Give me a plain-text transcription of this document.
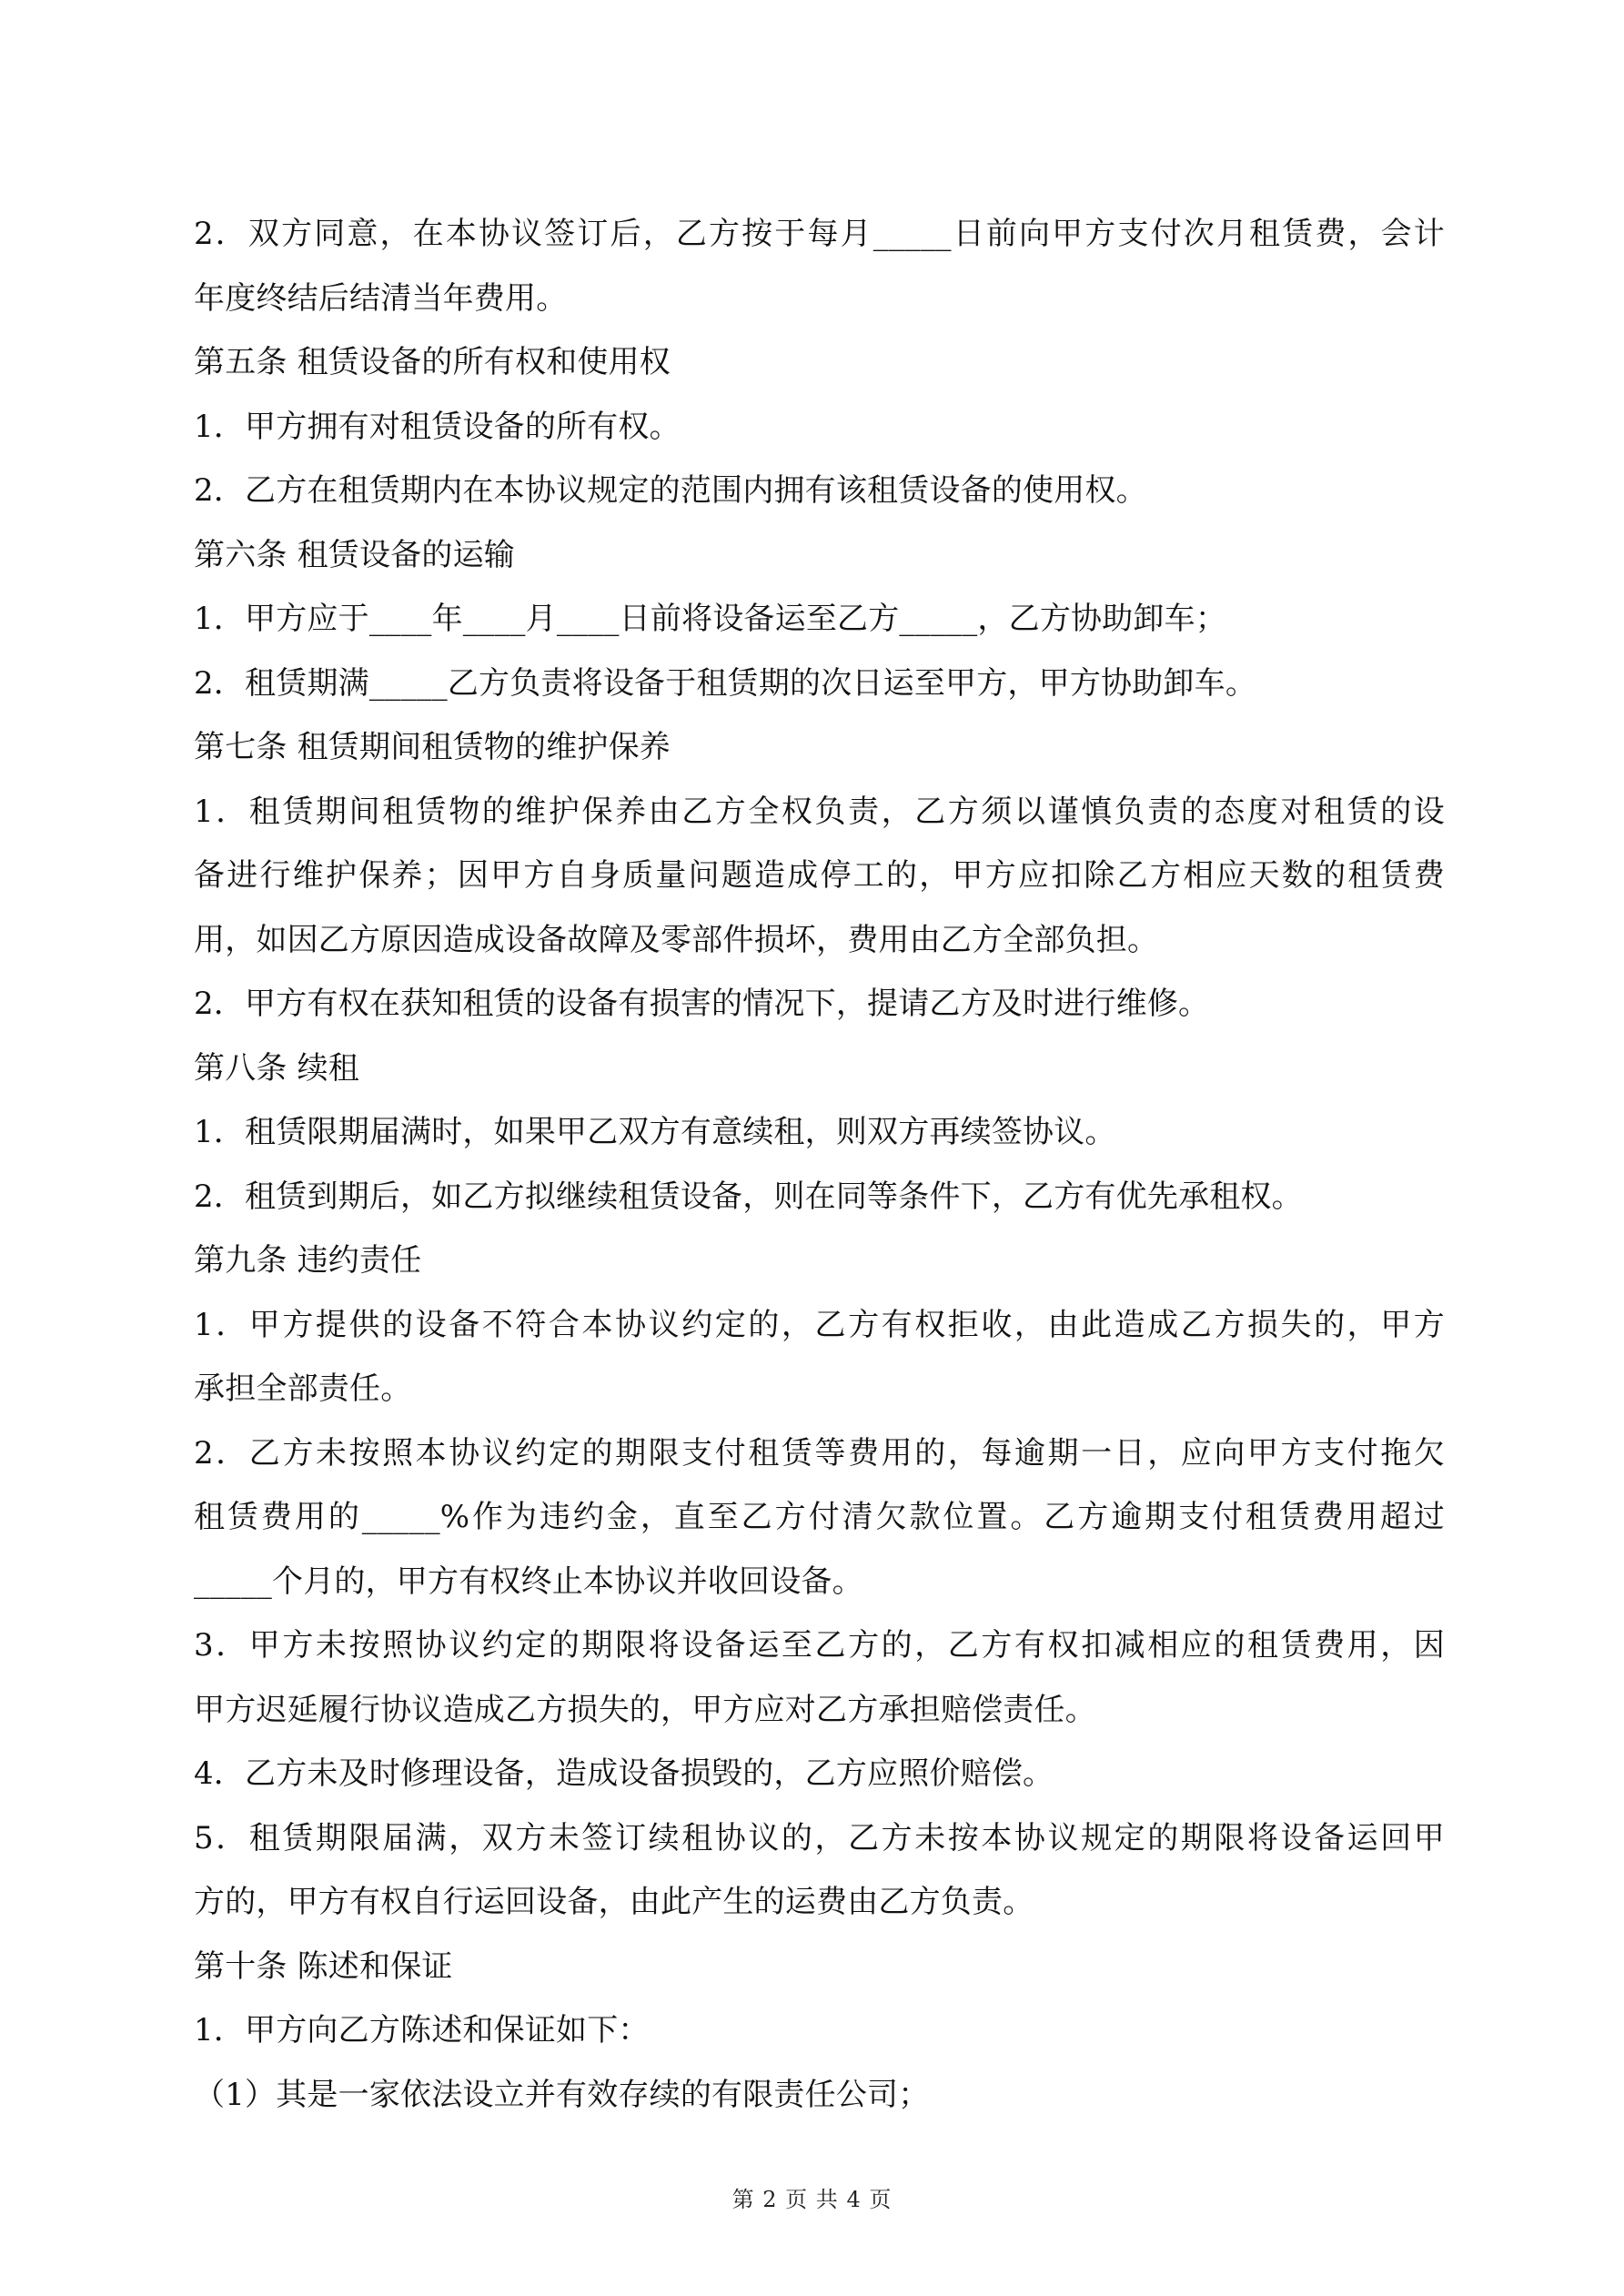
2．双方同意，在本协议签订后，乙方按于每月_____日前向甲方支付次月租赁费，会计
年度终结后结清当年费用。
第五条 租赁设备的所有权和使用权
1．甲方拥有对租赁设备的所有权。
2．乙方在租赁期内在本协议规定的范围内拥有该租赁设备的使用权。
第六条 租赁设备的运输
1．甲方应于____年____月____日前将设备运至乙方_____，乙方协助卸车；
2．租赁期满_____乙方负责将设备于租赁期的次日运至甲方，甲方协助卸车。
第七条 租赁期间租赁物的维护保养
1．租赁期间租赁物的维护保养由乙方全权负责，乙方须以谨慎负责的态度对租赁的设
备进行维护保养；因甲方自身质量问题造成停工的，甲方应扣除乙方相应天数的租赁费
用，如因乙方原因造成设备故障及零部件损坏，费用由乙方全部负担。
2．甲方有权在获知租赁的设备有损害的情况下，提请乙方及时进行维修。
第八条 续租
1．租赁限期届满时，如果甲乙双方有意续租，则双方再续签协议。
2．租赁到期后，如乙方拟继续租赁设备，则在同等条件下，乙方有优先承租权。
第九条 违约责任
1．甲方提供的设备不符合本协议约定的，乙方有权拒收，由此造成乙方损失的，甲方
承担全部责任。
2．乙方未按照本协议约定的期限支付租赁等费用的，每逾期一日，应向甲方支付拖欠
租赁费用的_____%作为违约金，直至乙方付清欠款位置。乙方逾期支付租赁费用超过
_____个月的，甲方有权终止本协议并收回设备。
3．甲方未按照协议约定的期限将设备运至乙方的，乙方有权扣减相应的租赁费用，因
甲方迟延履行协议造成乙方损失的，甲方应对乙方承担赔偿责任。
4．乙方未及时修理设备，造成设备损毁的，乙方应照价赔偿。
5．租赁期限届满，双方未签订续租协议的，乙方未按本协议规定的期限将设备运回甲
方的，甲方有权自行运回设备，由此产生的运费由乙方负责。
第十条 陈述和保证
1．甲方向乙方陈述和保证如下：
（1）其是一家依法设立并有效存续的有限责任公司；
第 2 页 共 4 页
